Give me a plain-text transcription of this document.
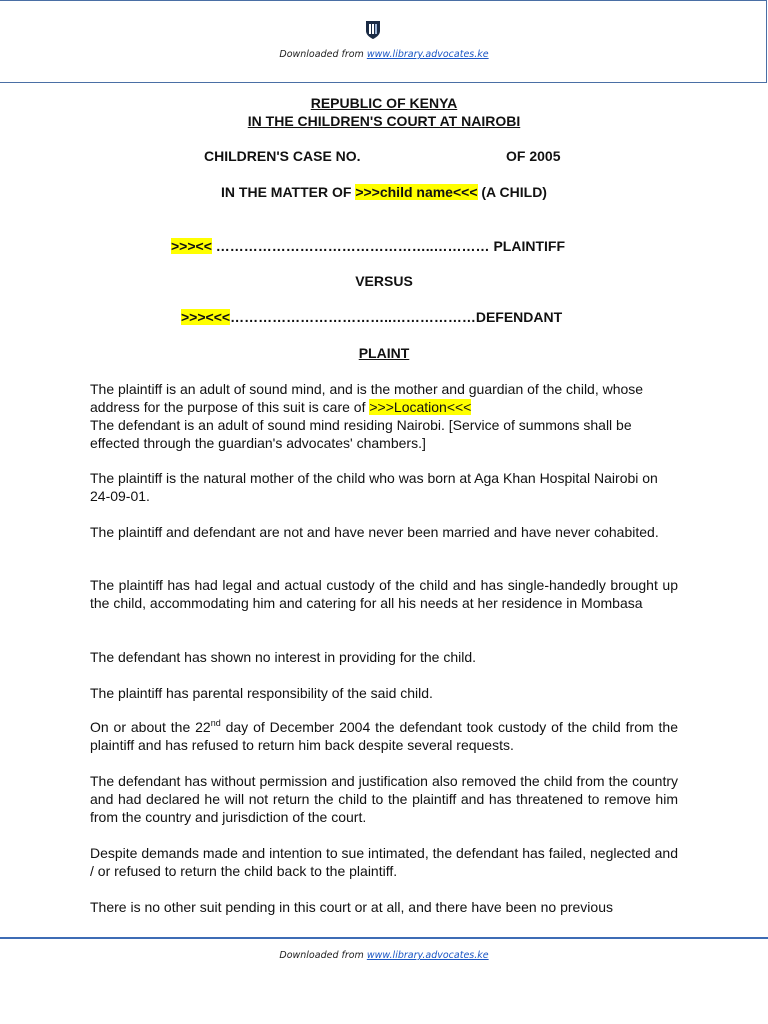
Downloaded from www.library.advocates.ke
REPUBLIC OF KENYA
IN THE CHILDREN'S COURT AT NAIROBI
CHILDREN'S CASE NO.	OF 2005
IN THE MATTER OF >>>child name<<< (A CHILD)
>>><< ………………………………………..………… PLAINTIFF
VERSUS
>>><<<……………………………..………………DEFENDANT
PLAINT
The plaintiff is an adult of sound mind, and is the mother and guardian of the child, whose address for the purpose of this suit is care of >>>Location<<<
The defendant is an adult of sound mind residing Nairobi. [Service of summons shall be effected through the guardian's advocates' chambers.]
The plaintiff is the natural mother of the child who was born at Aga Khan Hospital Nairobi on 24-09-01.
The plaintiff and defendant are not and have never been married and have never cohabited.
The plaintiff has had legal and actual custody of the child and has single-handedly brought up the child, accommodating him and catering for all his needs at her residence in Mombasa
The defendant has shown no interest in providing for the child.
The plaintiff has parental responsibility of the said child.
On or about the 22nd day of December 2004 the defendant took custody of the child from the plaintiff and has refused to return him back despite several requests.
The defendant has without permission and justification also removed the child from the country and had declared he will not return the child to the plaintiff and has threatened to remove him from the country and jurisdiction of the court.
Despite demands made and intention to sue intimated, the defendant has failed, neglected and / or refused to return the child back to the plaintiff.
There is no other suit pending in this court or at all, and there have been no previous
Downloaded from www.library.advocates.ke
